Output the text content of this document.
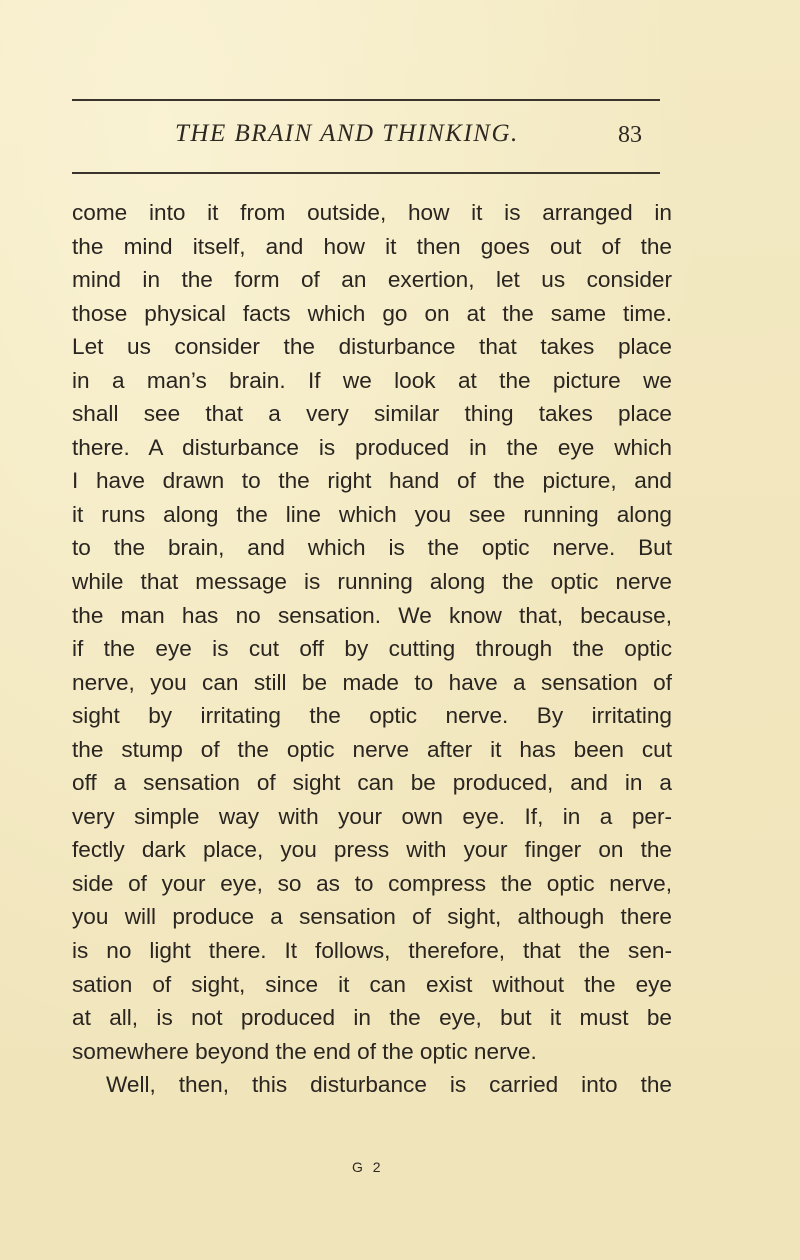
THE BRAIN AND THINKING.	83
come into it from outside, how it is arranged in
the mind itself, and how it then goes out of the
mind in the form of an exertion, let us consider
those physical facts which go on at the same time.
Let us consider the disturbance that takes place
in a man’s brain. If we look at the picture we
shall see that a very similar thing takes place
there. A disturbance is produced in the eye which
I have drawn to the right hand of the picture, and
it runs along the line which you see running along
to the brain, and which is the optic nerve. But
while that message is running along the optic nerve
the man has no sensation. We know that, because,
if the eye is cut off by cutting through the optic
nerve, you can still be made to have a sensation of
sight by irritating the optic nerve. By irritating
the stump of the optic nerve after it has been cut
off a sensation of sight can be produced, and in a
very simple way with your own eye. If, in a per-
fectly dark place, you press with your finger on the
side of your eye, so as to compress the optic nerve,
you will produce a sensation of sight, although there
is no light there. It follows, therefore, that the sen-
sation of sight, since it can exist without the eye
at all, is not produced in the eye, but it must be
somewhere beyond the end of the optic nerve.
Well, then, this disturbance is carried into the
G 2
